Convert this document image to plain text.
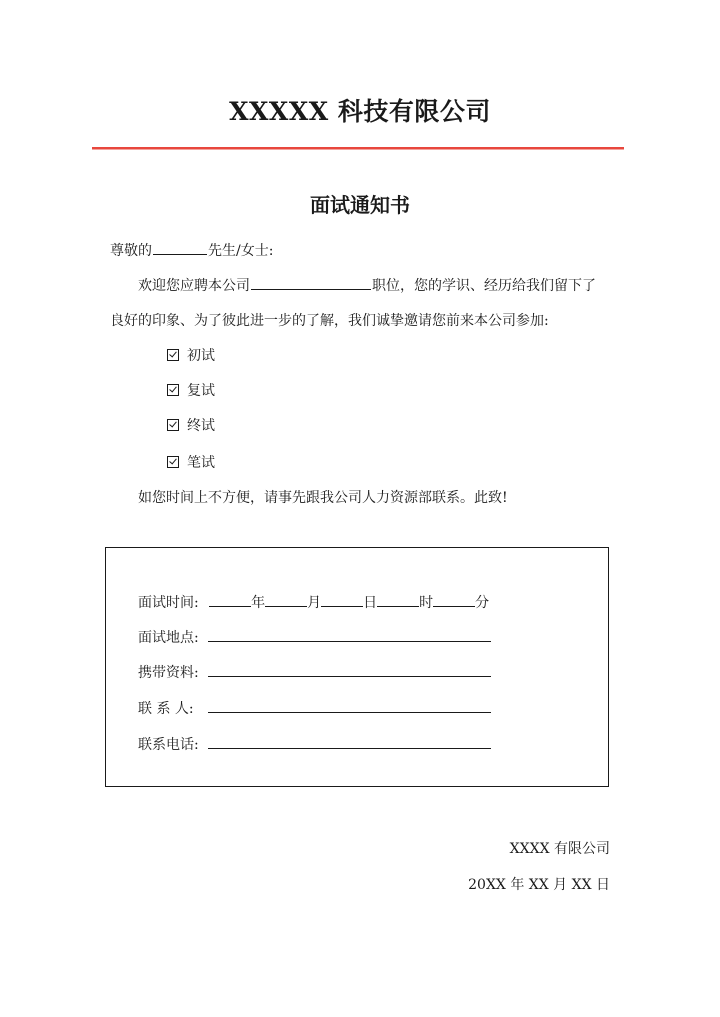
XXXXX 科技有限公司
面试通知书
尊敬的	先生/女士:
欢迎您应聘本公司	职位，您的学识、经历给我们留下了
良好的印象、为了彼此进一步的了解，我们诚挚邀请您前来本公司参加:
初试
复试
终试
笔试
如您时间上不方便，请事先跟我公司人力资源部联系。此致!
面试时间:	年	月	日	时	分
面试地点:
携带资料:
联 系 人:
联系电话:
XXXX 有限公司
20XX 年 XX 月 XX 日
